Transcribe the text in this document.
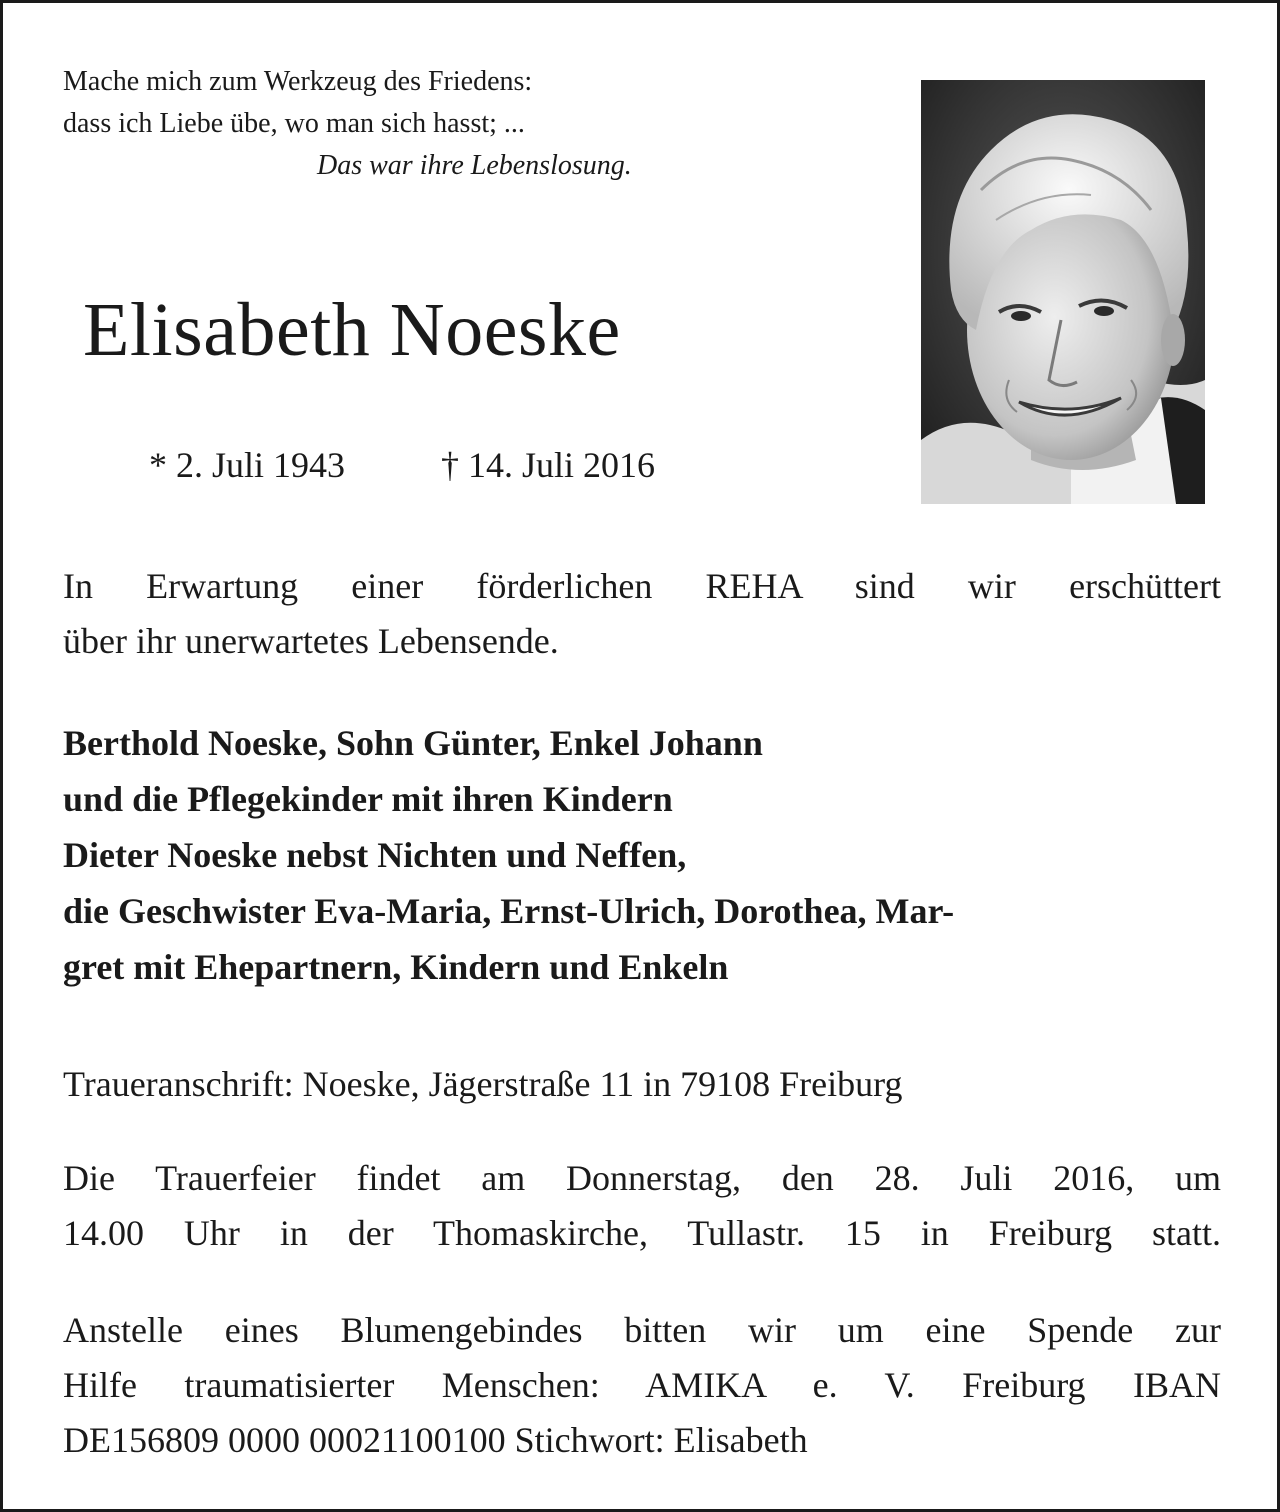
Mache mich zum Werkzeug des Friedens:
dass ich Liebe übe, wo man sich hasst; ...
Das war ihre Lebenslosung.
Elisabeth Noeske
* 2. Juli 1943	† 14. Juli 2016
In Erwartung einer förderlichen REHA sind wir erschüttert
über ihr unerwartetes Lebensende.
Berthold Noeske, Sohn Günter, Enkel Johann
und die Pflegekinder mit ihren Kindern
Dieter Noeske nebst Nichten und Neffen,
die Geschwister Eva-Maria, Ernst-Ulrich, Dorothea, Mar-
gret mit Ehepartnern, Kindern und Enkeln
Traueranschrift: Noeske, Jägerstraße 11 in 79108 Freiburg
Die Trauerfeier findet am Donnerstag, den 28. Juli 2016, um
14.00 Uhr in der Thomaskirche, Tullastr. 15 in Freiburg statt.
Anstelle eines Blumengebindes bitten wir um eine Spende zur
Hilfe traumatisierter Menschen: AMIKA e. V. Freiburg IBAN
DE156809 0000 00021100100 Stichwort: Elisabeth
